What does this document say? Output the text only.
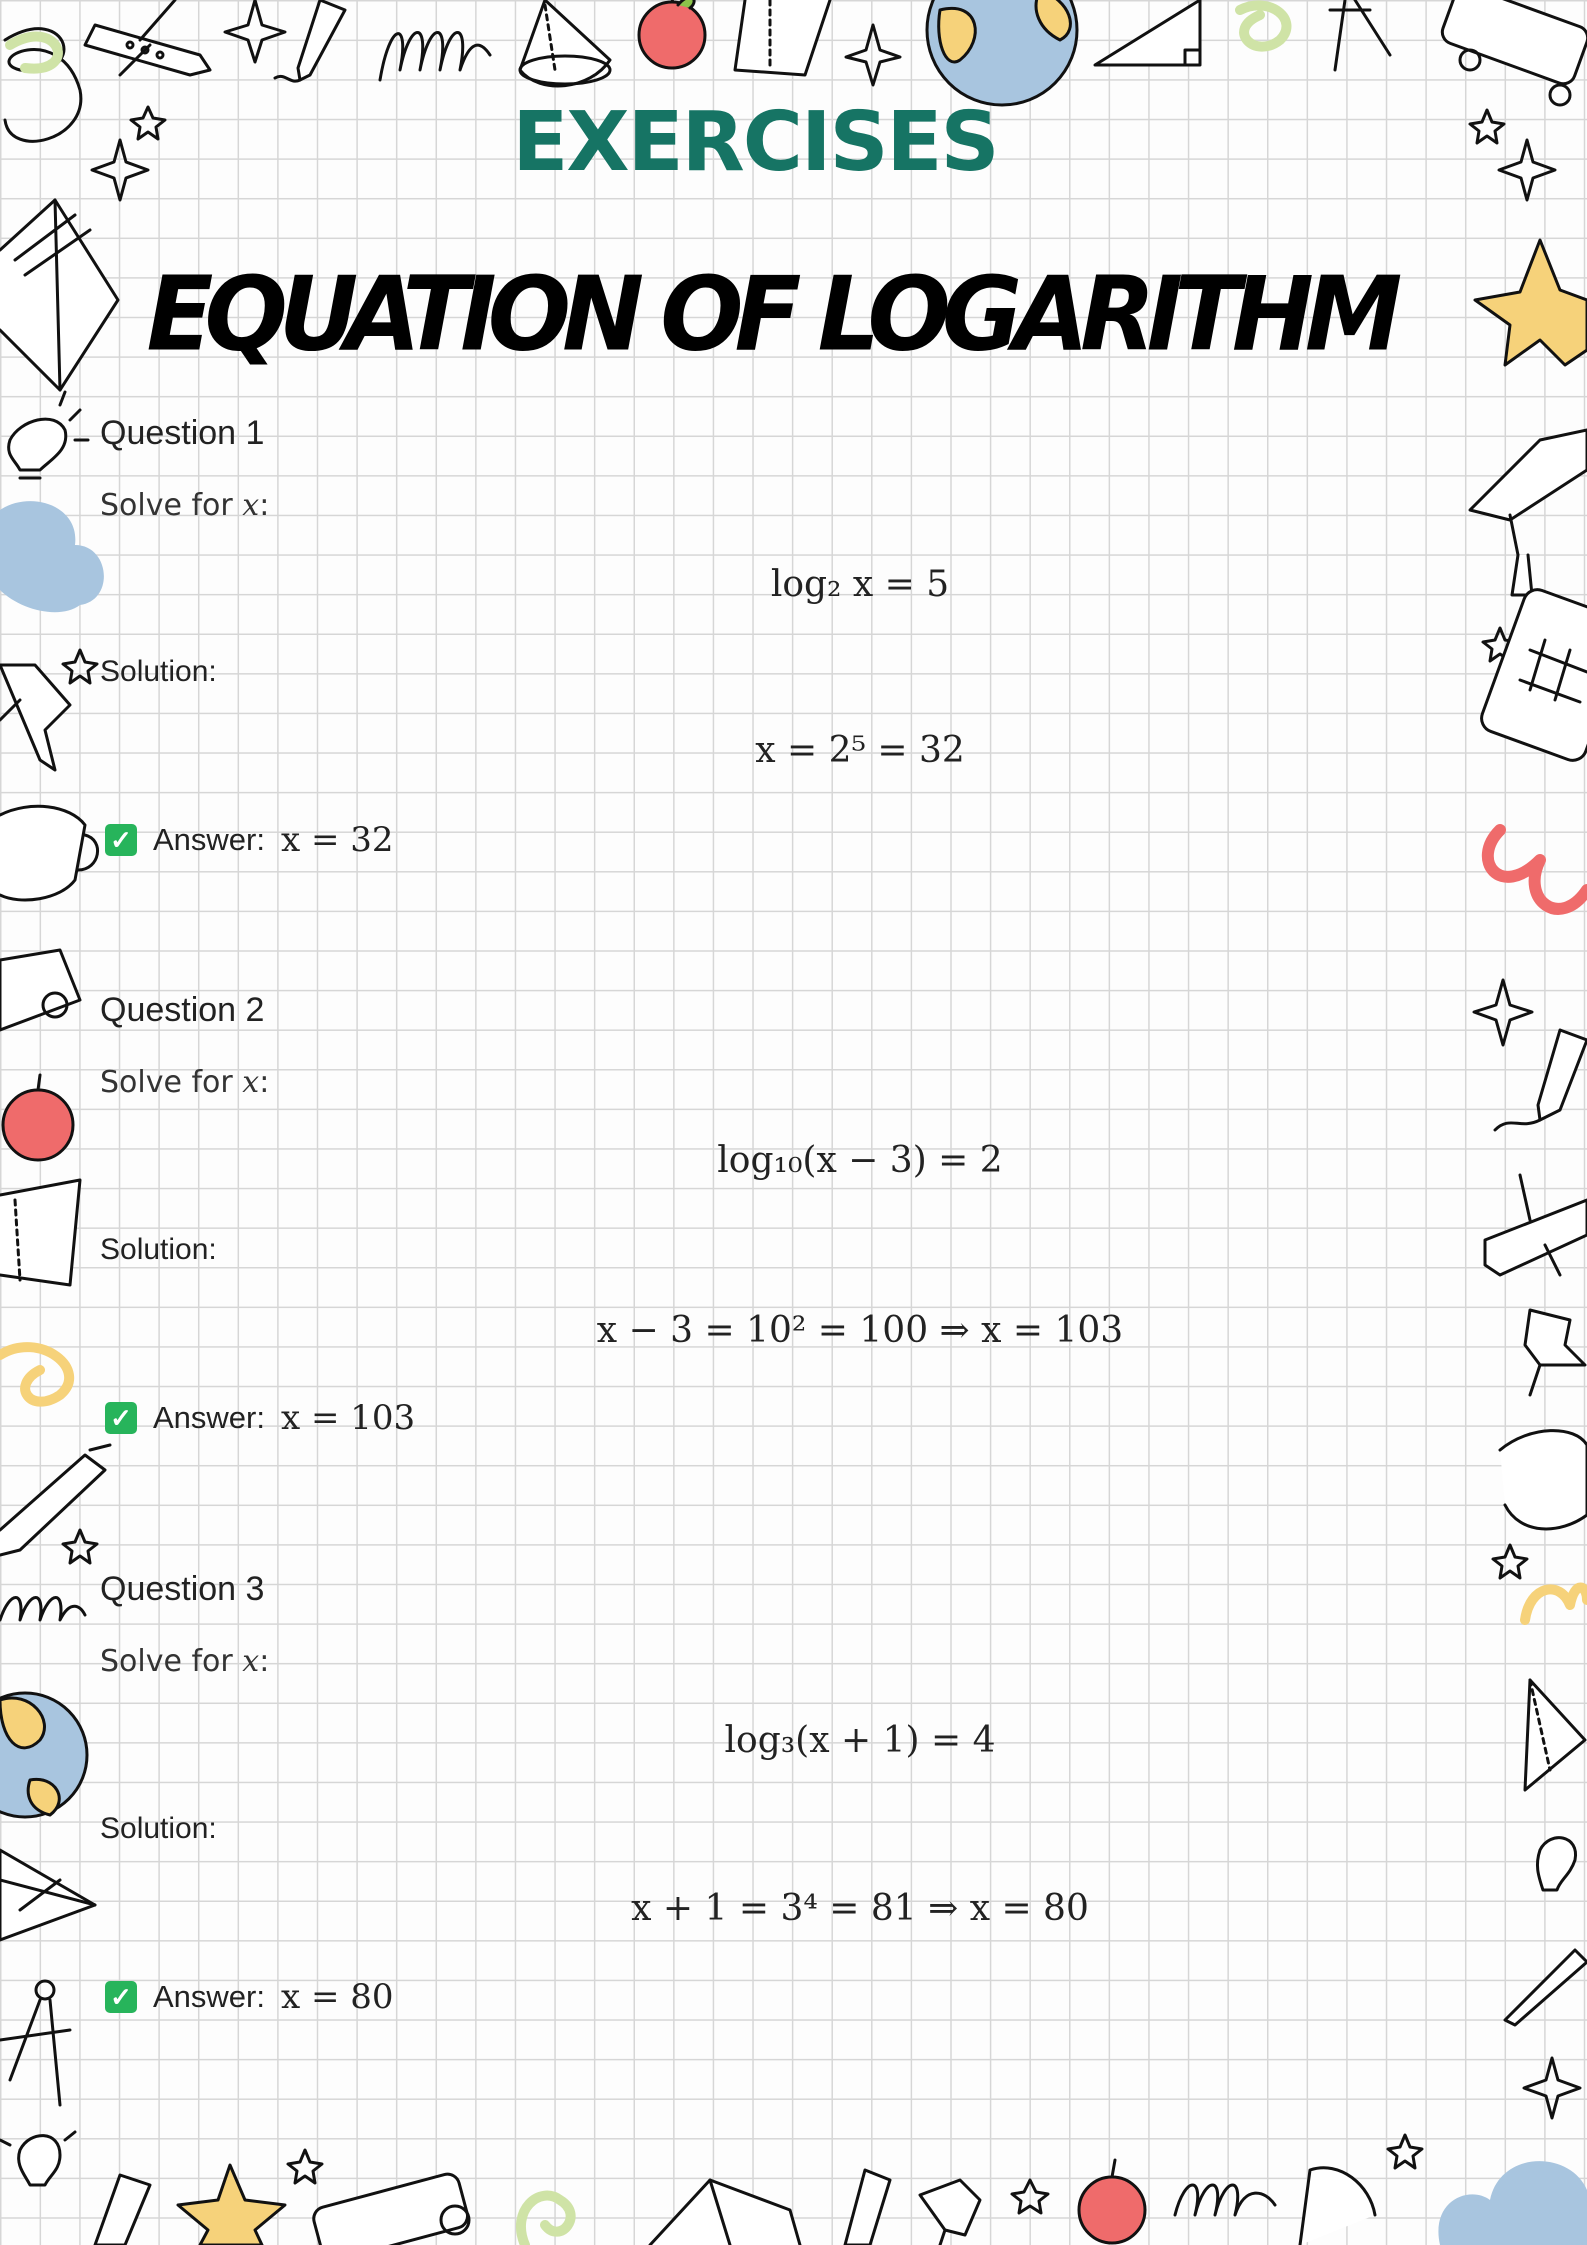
EXERCISES
EQUATION OF LOGARITHM
Question 1
Solve for x:
log₂ x = 5
Solution:
x = 2⁵ = 32
✓ Answer: x = 32
Question 2
Solve for x:
log₁₀(x − 3) = 2
Solution:
x − 3 = 10² = 100 ⇒ x = 103
✓ Answer: x = 103
Question 3
Solve for x:
log₃(x + 1) = 4
Solution:
x + 1 = 3⁴ = 81 ⇒ x = 80
✓ Answer: x = 80
